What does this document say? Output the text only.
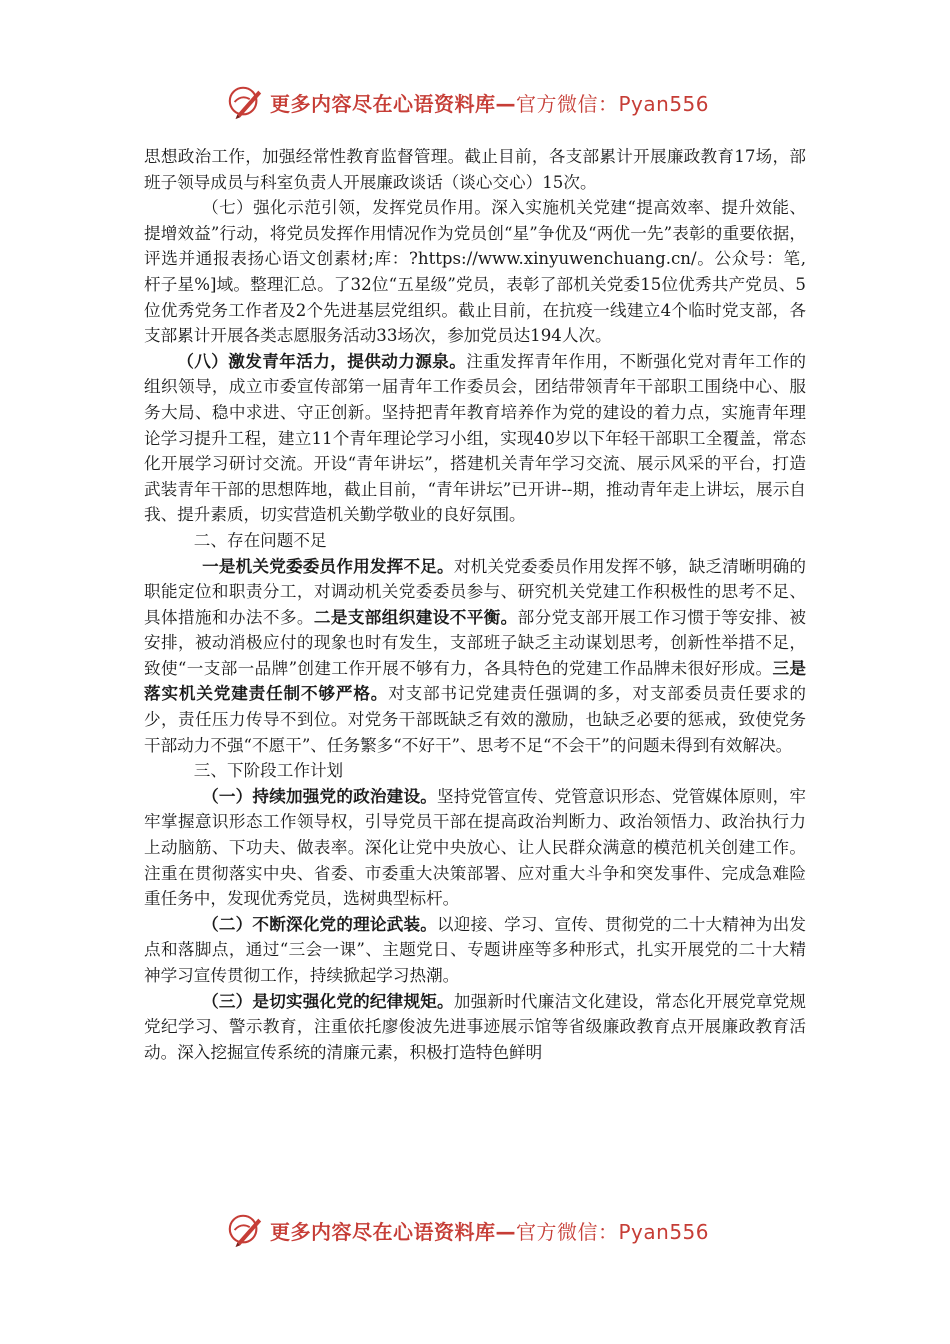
更多内容尽在心语资料库—官方微信：Pyan556

思想政治工作，加强经常性教育监督管理。截止目前，各支部累计开展廉政教育17场，部班子领导成员与科室负责人开展廉政谈话（谈心交心）15次。

（七）强化示范引领，发挥党员作用。深入实施机关党建“提高效率、提升效能、提增效益”行动，将党员发挥作用情况作为党员创“星”争优及“两优一先”表彰的重要依据，评选并通报表扬心语文创素材;库：?https://www.xinyuwenchuang.cn/。公众号：笔,杆子星%]域。整理汇总。了32位“五星级”党员，表彰了部机关党委15位优秀共产党员、5位优秀党务工作者及2个先进基层党组织。截止目前，在抗疫一线建立4个临时党支部，各支部累计开展各类志愿服务活动33场次，参加党员达194人次。

（八）激发青年活力，提供动力源泉。注重发挥青年作用，不断强化党对青年工作的组织领导，成立市委宣传部第一届青年工作委员会，团结带领青年干部职工围绕中心、服务大局、稳中求进、守正创新。坚持把青年教育培养作为党的建设的着力点，实施青年理论学习提升工程，建立11个青年理论学习小组，实现40岁以下年轻干部职工全覆盖，常态化开展学习研讨交流。开设“青年讲坛”，搭建机关青年学习交流、展示风采的平台，打造武装青年干部的思想阵地，截止目前，“青年讲坛”已开讲--期，推动青年走上讲坛，展示自我、提升素质，切实营造机关勤学敬业的良好氛围。

二、存在问题不足

一是机关党委委员作用发挥不足。对机关党委委员作用发挥不够，缺乏清晰明确的职能定位和职责分工，对调动机关党委委员参与、研究机关党建工作积极性的思考不足、具体措施和办法不多。二是支部组织建设不平衡。部分党支部开展工作习惯于等安排、被安排，被动消极应付的现象也时有发生，支部班子缺乏主动谋划思考，创新性举措不足，致使“一支部一品牌”创建工作开展不够有力，各具特色的党建工作品牌未很好形成。三是落实机关党建责任制不够严格。对支部书记党建责任强调的多，对支部委员责任要求的少，责任压力传导不到位。对党务干部既缺乏有效的激励，也缺乏必要的惩戒，致使党务干部动力不强“不愿干”、任务繁多“不好干”、思考不足“不会干”的问题未得到有效解决。

三、下阶段工作计划

（一）持续加强党的政治建设。坚持党管宣传、党管意识形态、党管媒体原则，牢牢掌握意识形态工作领导权，引导党员干部在提高政治判断力、政治领悟力、政治执行力上动脑筋、下功夫、做表率。深化让党中央放心、让人民群众满意的模范机关创建工作。注重在贯彻落实中央、省委、市委重大决策部署、应对重大斗争和突发事件、完成急难险重任务中，发现优秀党员，选树典型标杆。

（二）不断深化党的理论武装。以迎接、学习、宣传、贯彻党的二十大精神为出发点和落脚点，通过“三会一课”、主题党日、专题讲座等多种形式，扎实开展党的二十大精神学习宣传贯彻工作，持续掀起学习热潮。

（三）是切实强化党的纪律规矩。加强新时代廉洁文化建设，常态化开展党章党规党纪学习、警示教育，注重依托廖俊波先进事迹展示馆等省级廉政教育点开展廉政教育活动。深入挖掘宣传系统的清廉元素，积极打造特色鲜明

更多内容尽在心语资料库—官方微信：Pyan556
